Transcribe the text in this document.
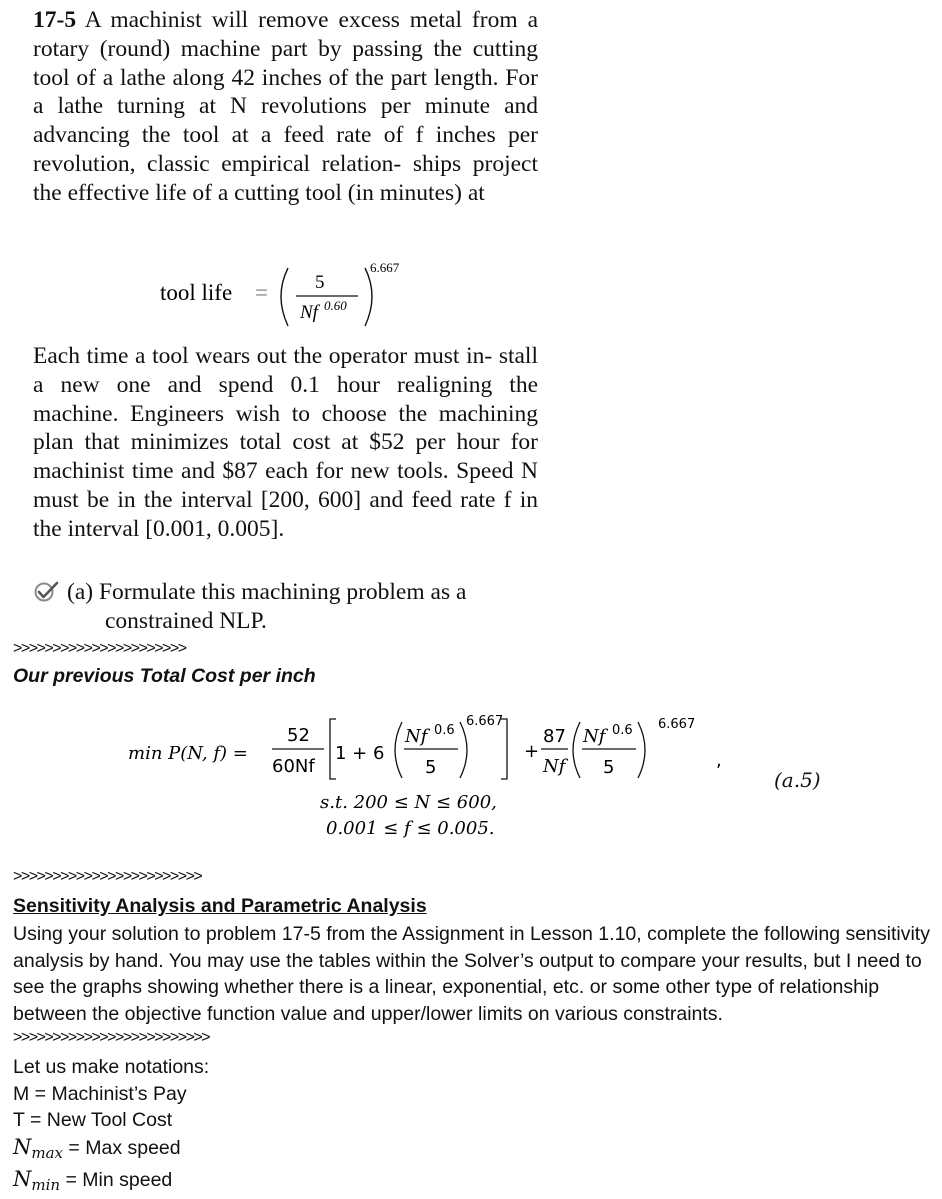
17-5 A machinist will remove excess metal from a rotary (round) machine part by passing the cutting tool of a lathe along 42 inches of the part length. For a lathe turning at N revolutions per minute and advancing the tool at a feed rate of f inches per revolution, classic empirical relation- ships project the effective life of a cutting tool (in minutes) at

tool life = 5
Nf 0.60
6.667

Each time a tool wears out the operator must in- stall a new one and spend 0.1 hour realigning the machine. Engineers wish to choose the machining plan that minimizes total cost at $52 per hour for machinist time and $87 each for new tools. Speed N must be in the interval [200, 600] and feed rate f in the interval [0.001, 0.005].

(a) Formulate this machining problem as a
constrained NLP.
>>>>>>>>>>>>>>>>>>>>>>
Our previous Total Cost per inch
min P(N, f) =
52
60Nf
1 + 6
Nf 0.6
5
6.667
+
87
Nf
Nf 0.6
5
6.667
,
s.t. 200 ≤ N ≤ 600,
0.001 ≤ f ≤ 0.005.
(a.5)
>>>>>>>>>>>>>>>>>>>>>>>>
Sensitivity Analysis and Parametric Analysis
Using your solution to problem 17-5 from the Assignment in Lesson 1.10, complete the following sensitivity analysis by hand. You may use the tables within the Solver’s output to compare your results, but I need to see the graphs showing whether there is a linear, exponential, etc. or some other type of relationship between the objective function value and upper/lower limits on various constraints.
>>>>>>>>>>>>>>>>>>>>>>>>>
Let us make notations:
M = Machinist’s Pay
T = New Tool Cost
$N_{max}$ = Max speed
$N_{min}$ = Min speed
